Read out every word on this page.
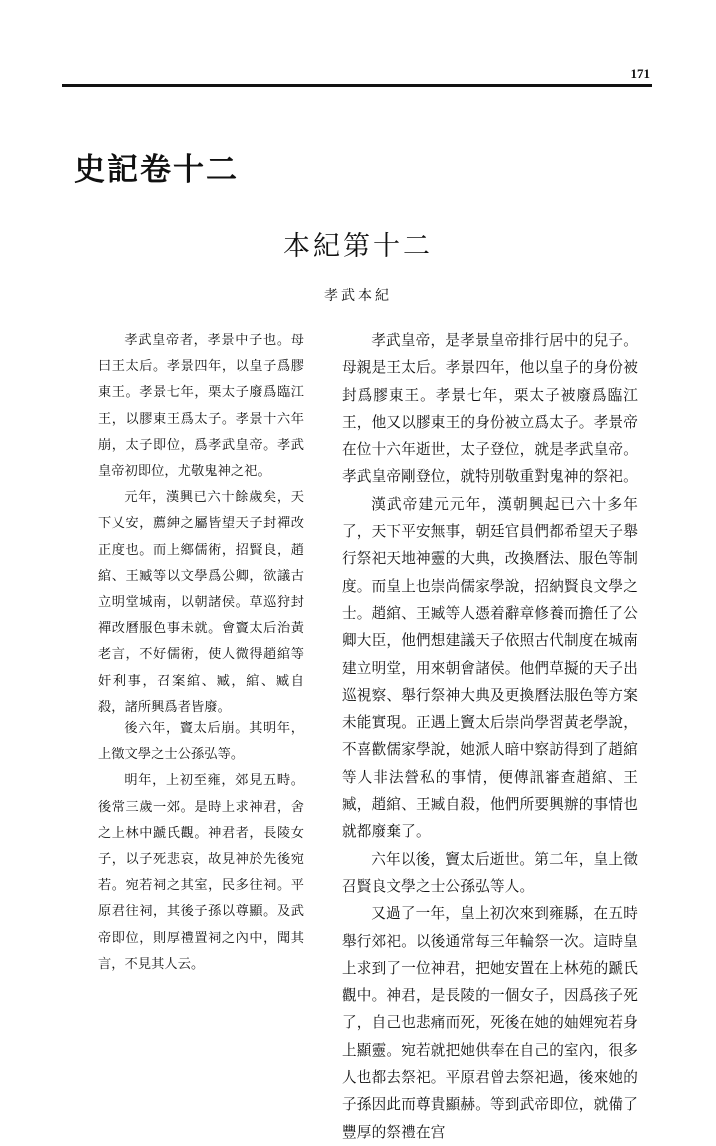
171
史記卷十二
本紀第十二
孝武本紀

孝武皇帝者，孝景中子也。母曰王太后。孝景四年，以皇子爲膠東王。孝景七年，栗太子廢爲臨江王，以膠東王爲太子。孝景十六年崩，太子即位，爲孝武皇帝。孝武皇帝初即位，尤敬鬼神之祀。

元年，漢興已六十餘歲矣，天下乂安，薦紳之屬皆望天子封禪改正度也。而上鄉儒術，招賢良，趙綰、王臧等以文學爲公卿，欲議古立明堂城南，以朝諸侯。草巡狩封禪改曆服色事未就。會竇太后治黃老言，不好儒術，使人微得趙綰等奸利事，召案綰、臧，綰、臧自殺，諸所興爲者皆廢。

後六年，竇太后崩。其明年，上徵文學之士公孫弘等。

明年，上初至雍，郊見五畤。後常三歲一郊。是時上求神君，舍之上林中蹏氏觀。神君者，長陵女子，以子死悲哀，故見神於先後宛若。宛若祠之其室，民多往祠。平原君往祠，其後子孫以尊顯。及武帝即位，則厚禮置祠之內中，聞其言，不見其人云。

孝武皇帝，是孝景皇帝排行居中的兒子。母親是王太后。孝景四年，他以皇子的身份被封爲膠東王。孝景七年，栗太子被廢爲臨江王，他又以膠東王的身份被立爲太子。孝景帝在位十六年逝世，太子登位，就是孝武皇帝。孝武皇帝剛登位，就特別敬重對鬼神的祭祀。

漢武帝建元元年，漢朝興起已六十多年了，天下平安無事，朝廷官員們都希望天子舉行祭祀天地神靈的大典，改換曆法、服色等制度。而皇上也崇尚儒家學說，招納賢良文學之士。趙綰、王臧等人憑着辭章修養而擔任了公卿大臣，他們想建議天子依照古代制度在城南建立明堂，用來朝會諸侯。他們草擬的天子出巡視察、舉行祭神大典及更換曆法服色等方案未能實現。正遇上竇太后崇尚學習黃老學說，不喜歡儒家學說，她派人暗中察訪得到了趙綰等人非法營私的事情，便傳訊審查趙綰、王臧，趙綰、王臧自殺，他們所要興辦的事情也就都廢棄了。

六年以後，竇太后逝世。第二年，皇上徵召賢良文學之士公孫弘等人。

又過了一年，皇上初次來到雍縣，在五時舉行郊祀。以後通常每三年輪祭一次。這時皇上求到了一位神君，把她安置在上林苑的蹏氏觀中。神君，是長陵的一個女子，因爲孩子死了，自己也悲痛而死，死後在她的妯娌宛若身上顯靈。宛若就把她供奉在自己的室內，很多人也都去祭祀。平原君曾去祭祀過，後來她的子孫因此而尊貴顯赫。等到武帝即位，就備了豐厚的祭禮在宫
